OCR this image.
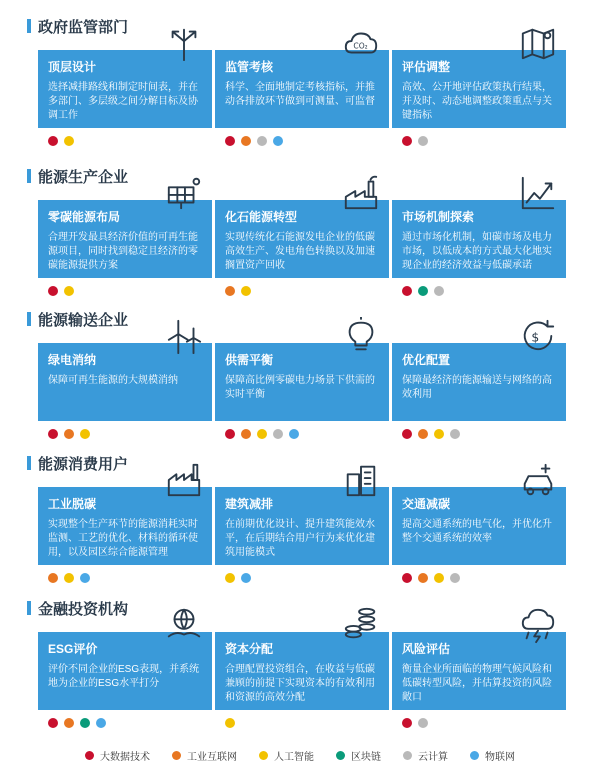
政府监管部门
顶层设计
选择减排路线和制定时间表，并在多部门、多层级之间分解目标及协调工作
CO₂
监管考核
科学、全面地制定考核指标，并推动各排放环节做到可测量、可监督
评估调整
高效、公开地评估政策执行结果，并及时、动态地调整政策重点与关键指标
能源生产企业
零碳能源布局
合理开发最具经济价值的可再生能源项目，同时找到稳定且经济的零碳能源提供方案
化石能源转型
实现传统化石能源发电企业的低碳高效生产、发电角色转换以及加速搁置资产回收
市场机制探索
通过市场化机制，如碳市场及电力市场，以低成本的方式最大化地实现企业的经济效益与低碳承诺
能源输送企业
绿电消纳
保障可再生能源的大规模消纳
供需平衡
保障高比例零碳电力场景下供需的实时平衡
$
优化配置
保障最经济的能源输送与网络的高效利用
能源消费用户
工业脱碳
实现整个生产环节的能源消耗实时监测、工艺的优化、材料的循环使用，以及园区综合能源管理
建筑减排
在前期优化设计、提升建筑能效水平，在后期结合用户行为来优化建筑用能模式
交通减碳
提高交通系统的电气化，并优化升整个交通系统的效率
金融投资机构
ESG评价
评价不同企业的ESG表现，并系统地为企业的ESG水平打分
资本分配
合理配置投资组合，在收益与低碳兼顾的前提下实现资本的有效利用和资源的高效分配
风险评估
衡量企业所面临的物理气候风险和低碳转型风险，并估算投资的风险敞口
大数据技术	工业互联网	人工智能	区块链	云计算	物联网
